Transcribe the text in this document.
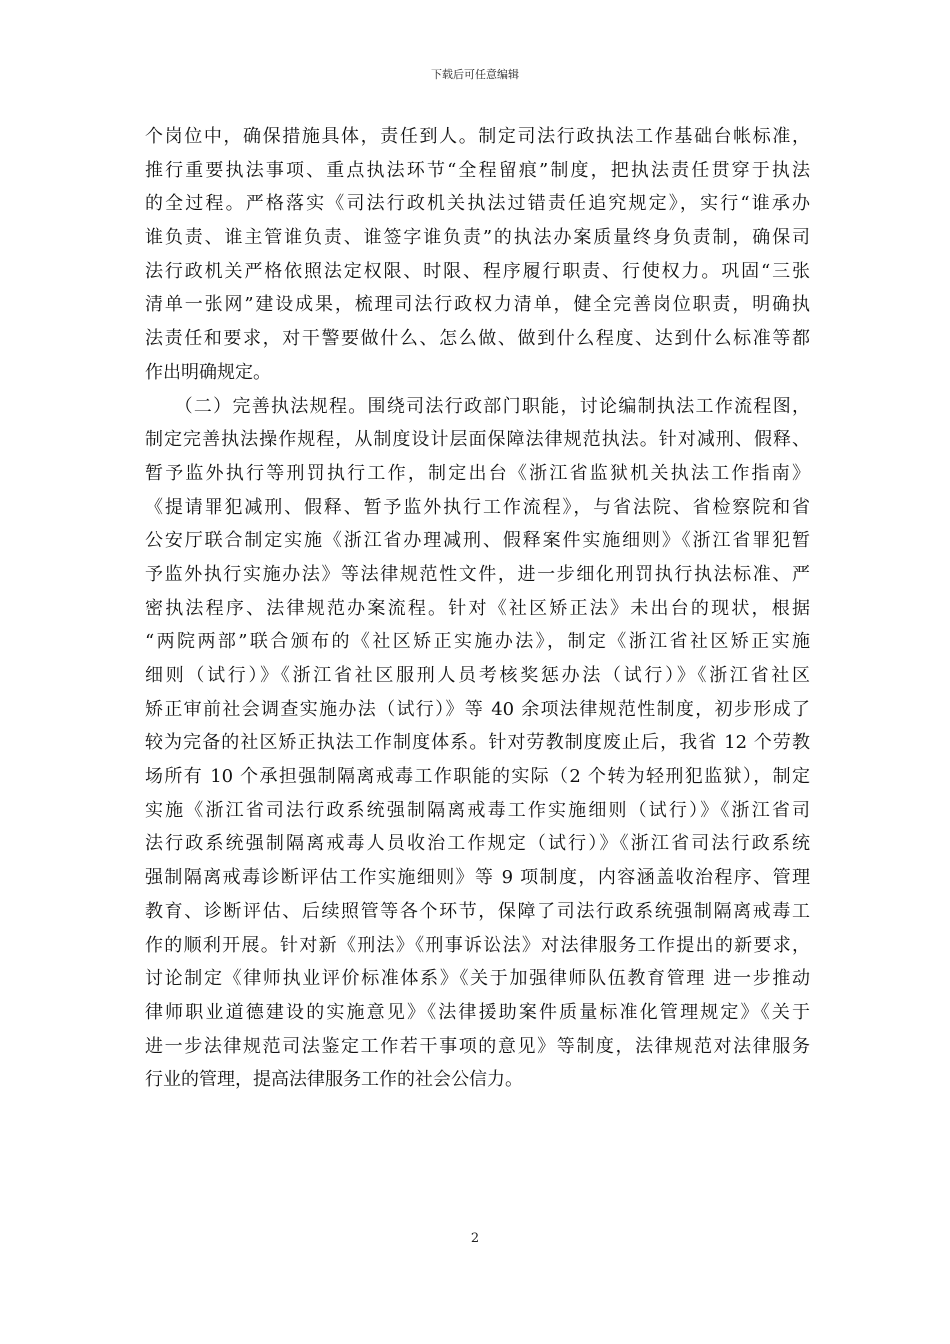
下载后可任意编辑
个岗位中，确保措施具体，责任到人。制定司法行政执法工作基础台帐标准，
推行重要执法事项、重点执法环节“全程留痕”制度，把执法责任贯穿于执法
的全过程。严格落实《司法行政机关执法过错责任追究规定》，实行“谁承办
谁负责、谁主管谁负责、谁签字谁负责”的执法办案质量终身负责制，确保司
法行政机关严格依照法定权限、时限、程序履行职责、行使权力。巩固“三张
清单一张网”建设成果，梳理司法行政权力清单，健全完善岗位职责，明确执
法责任和要求，对干警要做什么、怎么做、做到什么程度、达到什么标准等都
作出明确规定。
　　（二）完善执法规程。围绕司法行政部门职能，讨论编制执法工作流程图，
制定完善执法操作规程，从制度设计层面保障法律规范执法。针对减刑、假释、
暂予监外执行等刑罚执行工作，制定出台《浙江省监狱机关执法工作指南》
《提请罪犯减刑、假释、暂予监外执行工作流程》，与省法院、省检察院和省
公安厅联合制定实施《浙江省办理减刑、假释案件实施细则》《浙江省罪犯暂
予监外执行实施办法》等法律规范性文件，进一步细化刑罚执行执法标准、严
密执法程序、法律规范办案流程。针对《社区矫正法》未出台的现状，根据
“两院两部”联合颁布的《社区矫正实施办法》，制定《浙江省社区矫正实施
细则（试行）》《浙江省社区服刑人员考核奖惩办法（试行）》《浙江省社区
矫正审前社会调查实施办法（试行）》等 40 余项法律规范性制度，初步形成了
较为完备的社区矫正执法工作制度体系。针对劳教制度废止后，我省 12 个劳教
场所有 10 个承担强制隔离戒毒工作职能的实际（2 个转为轻刑犯监狱），制定
实施《浙江省司法行政系统强制隔离戒毒工作实施细则（试行）》《浙江省司
法行政系统强制隔离戒毒人员收治工作规定（试行）》《浙江省司法行政系统
强制隔离戒毒诊断评估工作实施细则》等 9 项制度，内容涵盖收治程序、管理
教育、诊断评估、后续照管等各个环节，保障了司法行政系统强制隔离戒毒工
作的顺利开展。针对新《刑法》《刑事诉讼法》对法律服务工作提出的新要求，
讨论制定《律师执业评价标准体系》《关于加强律师队伍教育管理 进一步推动
律师职业道德建设的实施意见》《法律援助案件质量标准化管理规定》《关于
进一步法律规范司法鉴定工作若干事项的意见》等制度，法律规范对法律服务
行业的管理，提高法律服务工作的社会公信力。
2
